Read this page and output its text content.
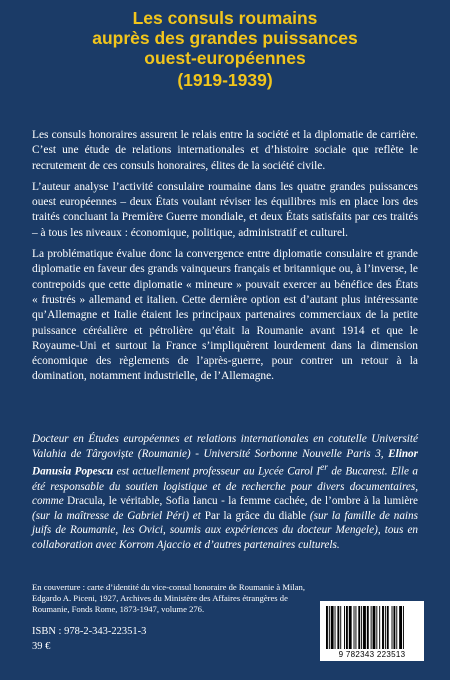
Les consuls roumains
auprès des grandes puissances
ouest-européennes
(1919-1939)

Les consuls honoraires assurent le relais entre la société et la diplomatie de carrière. C’est une étude de relations internationales et d’histoire sociale que reflète le recrutement de ces consuls honoraires, élites de la société civile.

L’auteur analyse l’activité consulaire roumaine dans les quatre grandes puissances ouest européennes – deux États voulant réviser les équilibres mis en place lors des traités concluant la Première Guerre mondiale, et deux États satisfaits par ces traités – à tous les niveaux : économique, politique, administratif et culturel.

La problématique évalue donc la convergence entre diplomatie consulaire et grande diplomatie en faveur des grands vainqueurs français et britannique ou, à l’inverse, le contrepoids que cette diplomatie « mineure » pouvait exercer au bénéfice des États « frustrés » allemand et italien. Cette dernière option est d’autant plus intéressante qu’Allemagne et Italie étaient les principaux partenaires commerciaux de la petite puissance céréalière et pétrolière qu’était la Roumanie avant 1914 et que le Royaume-Uni et surtout la France s’impliquèrent lourdement dans la dimension économique des règlements de l’après-guerre, pour contrer un retour à la domination, notamment industrielle, de l’Allemagne.

Docteur en Études européennes et relations internationales en cotutelle Université Valahia de Târgoviște (Roumanie) - Université Sorbonne Nouvelle Paris 3, Elinor Danusia Popescu est actuellement professeur au Lycée Carol Ier de Bucarest. Elle a été responsable du soutien logistique et de recherche pour divers documentaires, comme Dracula, le véritable, Sofia Iancu - la femme cachée, de l’ombre à la lumière (sur la maîtresse de Gabriel Péri) et Par la grâce du diable (sur la famille de nains juifs de Roumanie, les Ovici, soumis aux expériences du docteur Mengele), tous en collaboration avec Korrom Ajaccio et d’autres partenaires culturels.

En couverture : carte d’identité du vice-consul honoraire de Roumanie à Milan, Edgardo A. Piceni, 1927, Archives du Ministère des Affaires étrangères de Roumanie, Fonds Rome, 1873-1947, volume 276.

ISBN : 978-2-343-22351-3

39 €

9 782343 223513
